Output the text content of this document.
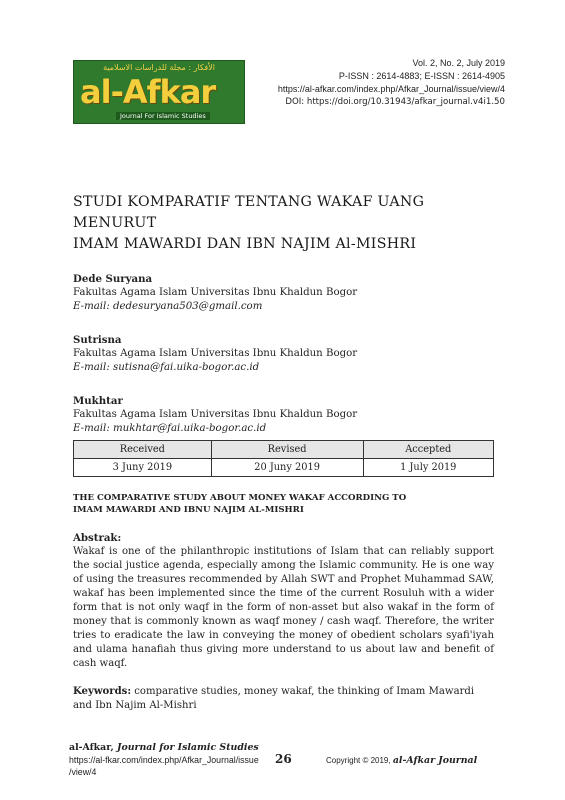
الأفكار : مجلة للدراسات الاسلامية
al-Afkar
Journal For Islamic Studies
Vol. 2, No. 2, July 2019
P-ISSN : 2614-4883; E-ISSN : 2614-4905
https://al-afkar.com/index.php/Afkar_Journal/issue/view/4
DOI: https://doi.org/10.31943/afkar_journal.v4i1.50
STUDI KOMPARATIF TENTANG WAKAF UANG MENURUT
IMAM MAWARDI DAN IBN NAJIM Al-MISHRI
Dede Suryana
Fakultas Agama Islam Universitas Ibnu Khaldun Bogor
E-mail: dedesuryana503@gmail.com
Sutrisna
Fakultas Agama Islam Universitas Ibnu Khaldun Bogor
E-mail: sutisna@fai.uika-bogor.ac.id
Mukhtar
Fakultas Agama Islam Universitas Ibnu Khaldun Bogor
E-mail: mukhtar@fai.uika-bogor.ac.id
Received	Revised	Accepted
3 Juny 2019	20 Juny 2019	1 July 2019
THE COMPARATIVE STUDY ABOUT MONEY WAKAF ACCORDING TO
IMAM MAWARDI AND IBNU NAJIM AL-MISHRI
Abstrak:

Wakaf is one of the philanthropic institutions of Islam that can reliably support the social justice agenda, especially among the Islamic community. He is one way of using the treasures recommended by Allah SWT and Prophet Muhammad SAW, wakaf has been implemented since the time of the current Rosuluh with a wider form that is not only waqf in the form of non-asset but also wakaf in the form of money that is commonly known as waqf money / cash waqf. Therefore, the writer tries to eradicate the law in conveying the money of obedient scholars syafi'iyah and ulama hanafiah thus giving more understand to us about law and benefit of cash waqf.

Keywords: comparative studies, money wakaf, the thinking of Imam Mawardi and Ibn Najim Al-Mishri
al-Afkar, Journal for Islamic Studies
https://al-fkar.com/index.php/Afkar_Journal/issue
/view/4
26	Copyright © 2019, al-Afkar Journal
